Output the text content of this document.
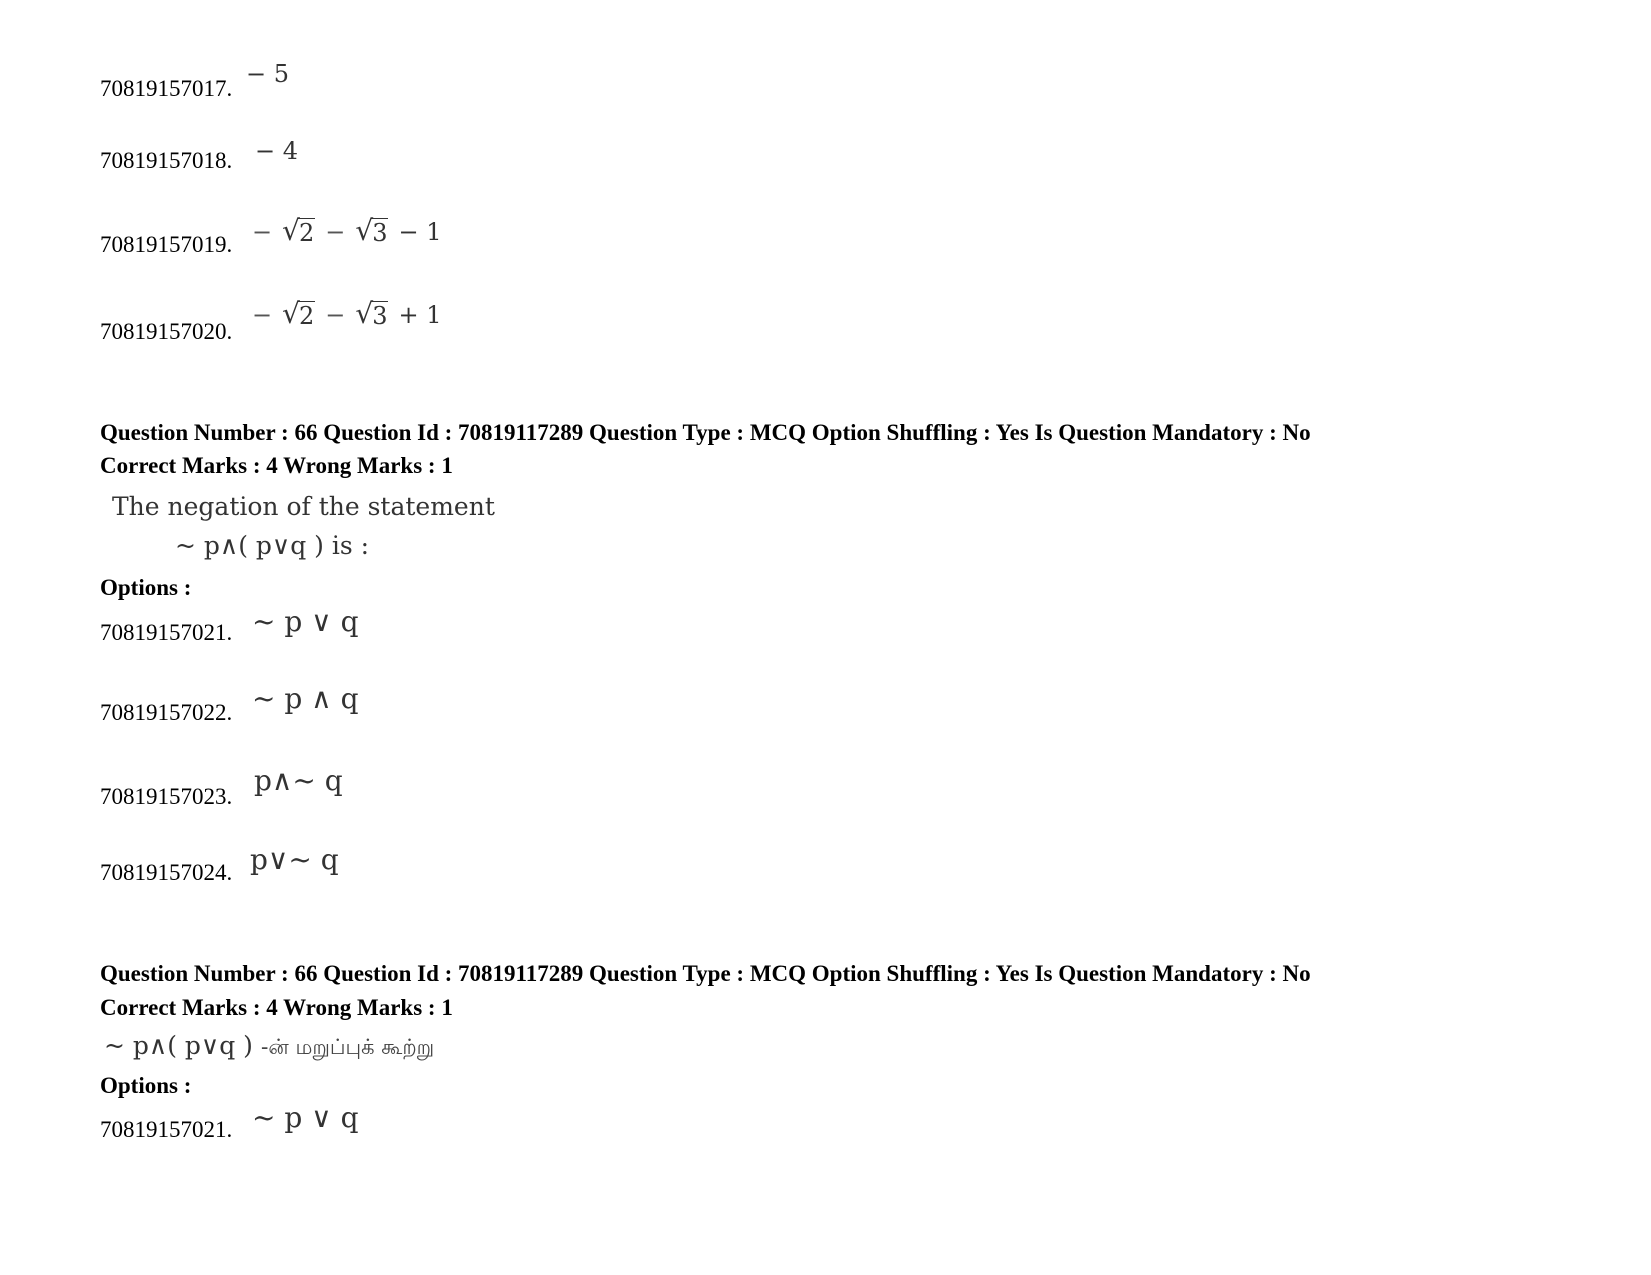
70819157017.
− 5
70819157018. − 4
70819157019. − √ 2 − √ 3 − 1
70819157020.
− √ 2 − √ 3 + 1
Question Number : 66 Question Id : 70819117289 Question Type : MCQ Option Shuffling : Yes Is Question Mandatory : No
Correct Marks : 4 Wrong Marks : 1
The negation of the statement
~ p∧( p∨q ) is :
Options :
70819157021. ~ p ∨ q
70819157022. ~ p ∧ q
70819157023. p∧~ q
70819157024. p∨~ q
Question Number : 66 Question Id : 70819117289 Question Type : MCQ Option Shuffling : Yes Is Question Mandatory : No
Correct Marks : 4 Wrong Marks : 1
~ p∧( p∨q ) -ன் மறுப்புக் கூற்று
Options :
70819157021. ~ p ∨ q
